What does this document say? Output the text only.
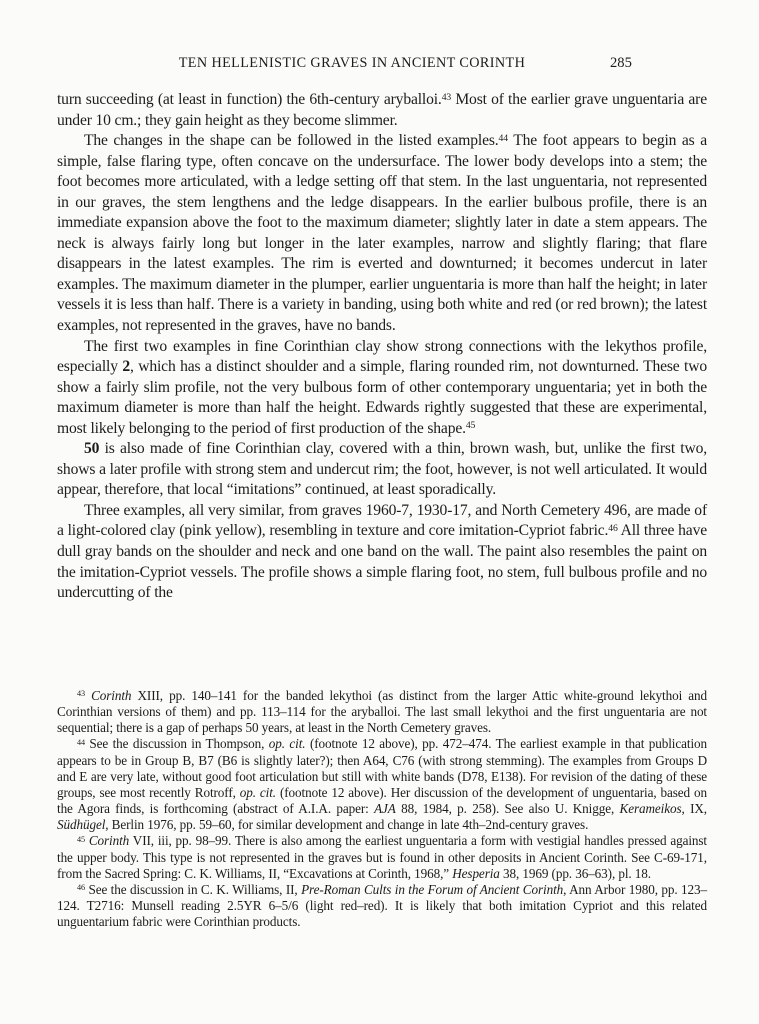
TEN HELLENISTIC GRAVES IN ANCIENT CORINTH	285

turn succeeding (at least in function) the 6th-century aryballoi.$^{43}$ Most of the earlier grave unguentaria are under 10 cm.; they gain height as they become slimmer.

The changes in the shape can be followed in the listed examples.$^{44}$ The foot appears to begin as a simple, false flaring type, often concave on the undersurface. The lower body develops into a stem; the foot becomes more articulated, with a ledge setting off that stem. In the last unguentaria, not represented in our graves, the stem lengthens and the ledge disappears. In the earlier bulbous profile, there is an immediate expansion above the foot to the maximum diameter; slightly later in date a stem appears. The neck is always fairly long but longer in the later examples, narrow and slightly flaring; that flare disappears in the latest examples. The rim is everted and downturned; it becomes undercut in later examples. The maximum diameter in the plumper, earlier unguentaria is more than half the height; in later vessels it is less than half. There is a variety in banding, using both white and red (or red brown); the latest examples, not represented in the graves, have no bands.

The first two examples in fine Corinthian clay show strong connections with the lekythos profile, especially 2, which has a distinct shoulder and a simple, flaring rounded rim, not downturned. These two show a fairly slim profile, not the very bulbous form of other contemporary unguentaria; yet in both the maximum diameter is more than half the height. Edwards rightly suggested that these are experimental, most likely belonging to the period of first production of the shape.$^{45}$

50 is also made of fine Corinthian clay, covered with a thin, brown wash, but, unlike the first two, shows a later profile with strong stem and undercut rim; the foot, however, is not well articulated. It would appear, therefore, that local “imitations” continued, at least sporadically.

Three examples, all very similar, from graves 1960-7, 1930-17, and North Cemetery 496, are made of a light-colored clay (pink yellow), resembling in texture and core imitation-Cypriot fabric.$^{46}$ All three have dull gray bands on the shoulder and neck and one band on the wall. The paint also resembles the paint on the imitation-Cypriot vessels. The profile shows a simple flaring foot, no stem, full bulbous profile and no undercutting of the

$^{43}$ Corinth XIII, pp. 140–141 for the banded lekythoi (as distinct from the larger Attic white-ground lekythoi and Corinthian versions of them) and pp. 113–114 for the aryballoi. The last small lekythoi and the first unguentaria are not sequential; there is a gap of perhaps 50 years, at least in the North Cemetery graves.

$^{44}$ See the discussion in Thompson, op. cit. (footnote 12 above), pp. 472–474. The earliest example in that publication appears to be in Group B, B7 (B6 is slightly later?); then A64, C76 (with strong stemming). The examples from Groups D and E are very late, without good foot articulation but still with white bands (D78, E138). For revision of the dating of these groups, see most recently Rotroff, op. cit. (footnote 12 above). Her discussion of the development of unguentaria, based on the Agora finds, is forthcoming (abstract of A.I.A. paper: AJA 88, 1984, p. 258). See also U. Knigge, Kerameikos, IX, Südhügel, Berlin 1976, pp. 59–60, for similar development and change in late 4th–2nd-century graves.

$^{45}$ Corinth VII, iii, pp. 98–99. There is also among the earliest unguentaria a form with vestigial handles pressed against the upper body. This type is not represented in the graves but is found in other deposits in Ancient Corinth. See C-69-171, from the Sacred Spring: C. K. Williams, II, “Excavations at Corinth, 1968,” Hesperia 38, 1969 (pp. 36–63), pl. 18.

$^{46}$ See the discussion in C. K. Williams, II, Pre-Roman Cults in the Forum of Ancient Corinth, Ann Arbor 1980, pp. 123–124. T2716: Munsell reading 2.5YR 6–5/6 (light red–red). It is likely that both imitation Cypriot and this related unguentarium fabric were Corinthian products.
